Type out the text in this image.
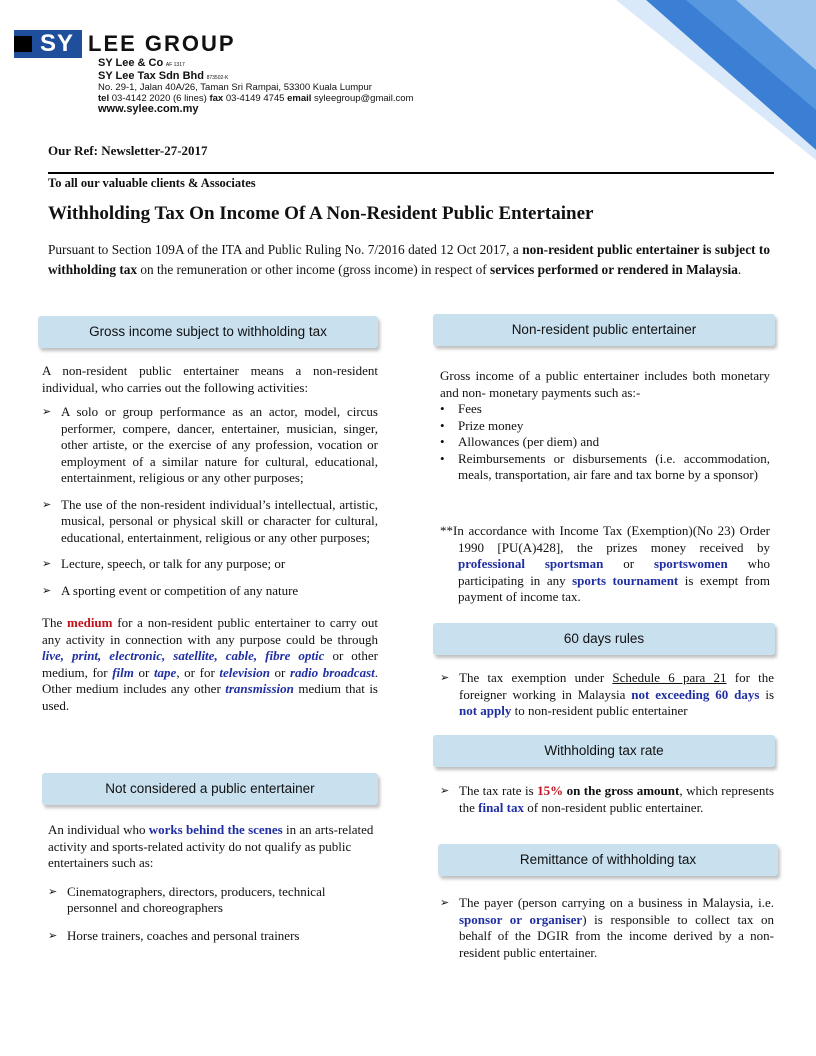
SY LEE GROUP
SY Lee & Co AF 1317
SY Lee Tax Sdn Bhd 873502-K
No. 29-1, Jalan 40A/26, Taman Sri Rampai, 53300 Kuala Lumpur
tel 03-4142 2020 (6 lines) fax 03-4149 4745 email syleegroup@gmail.com
www.sylee.com.my
Our Ref: Newsletter-27-2017
To all our valuable clients & Associates
Withholding Tax On Income Of A Non-Resident Public Entertainer
Pursuant to Section 109A of the ITA and Public Ruling No. 7/2016 dated 12 Oct 2017, a non-resident public entertainer is subject to withholding tax on the remuneration or other income (gross income) in respect of services performed or rendered in Malaysia.
Gross income subject to withholding tax

A non-resident public entertainer means a non-resident individual, who carries out the following activities:

➢ A solo or group performance as an actor, model, circus performer, compere, dancer, entertainer, musician, singer, other artiste, or the exercise of any profession, vocation or employment of a similar nature for cultural, educational, entertainment, religious or any other purposes;
➢ The use of the non-resident individual’s intellectual, artistic, musical, personal or physical skill or character for cultural, educational, entertainment, religious or any other purposes;
➢ Lecture, speech, or talk for any purpose; or
➢ A sporting event or competition of any nature

The medium for a non-resident public entertainer to carry out any activity in connection with any purpose could be through live, print, electronic, satellite, cable, fibre optic or other medium, for film or tape, or for television or radio broadcast. Other medium includes any other transmission medium that is used.

Not considered a public entertainer

An individual who works behind the scenes in an arts-related activity and sports-related activity do not qualify as public entertainers such as:

➢ Cinematographers, directors, producers, technical personnel and choreographers
➢ Horse trainers, coaches and personal trainers
Non-resident public entertainer

Gross income of a public entertainer includes both monetary and non- monetary payments such as:-

• Fees
• Prize money
• Allowances (per diem) and
• Reimbursements or disbursements (i.e. accommodation, meals, transportation, air fare and tax borne by a sponsor)

**In accordance with Income Tax (Exemption)(No 23) Order 1990 [PU(A)428], the prizes money received by professional sportsman or sportswomen who participating in any sports tournament is exempt from payment of income tax.

60 days rules
➢ The tax exemption under Schedule 6 para 21 for the foreigner working in Malaysia not exceeding 60 days is not apply to non-resident public entertainer
Withholding tax rate
➢ The tax rate is 15% on the gross amount, which represents the final tax of non-resident public entertainer.
Remittance of withholding tax
➢ The payer (person carrying on a business in Malaysia, i.e. sponsor or organiser) is responsible to collect tax on behalf of the DGIR from the income derived by a non-resident public entertainer.
